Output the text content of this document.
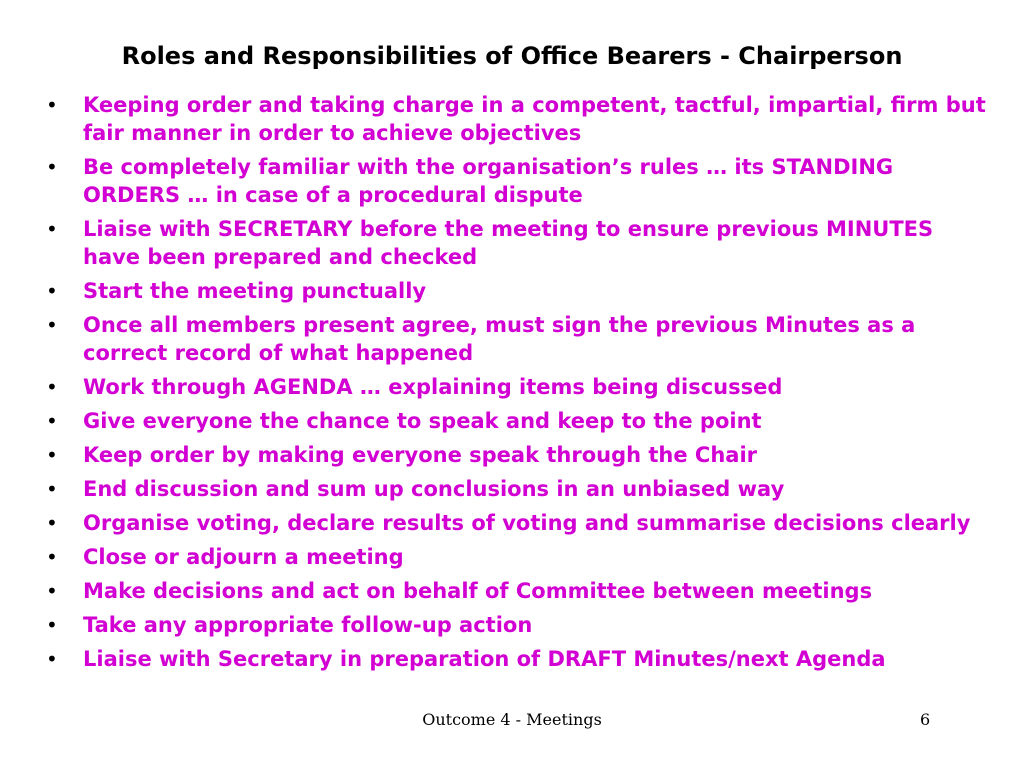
Roles and Responsibilities of Office Bearers - Chairperson
• Keeping order and taking charge in a competent, tactful, impartial, firm but fair manner in order to achieve objectives
• Be completely familiar with the organisation’s rules … its STANDING ORDERS … in case of a procedural dispute
• Liaise with SECRETARY before the meeting to ensure previous MINUTES have been prepared and checked
• Start the meeting punctually
• Once all members present agree, must sign the previous Minutes as a correct record of what happened
• Work through AGENDA … explaining items being discussed
• Give everyone the chance to speak and keep to the point
• Keep order by making everyone speak through the Chair
• End discussion and sum up conclusions in an unbiased way
• Organise voting, declare results of voting and summarise decisions clearly
• Close or adjourn a meeting
• Make decisions and act on behalf of Committee between meetings
• Take any appropriate follow-up action
• Liaise with Secretary in preparation of DRAFT Minutes/next Agenda
Outcome 4 - Meetings	6
